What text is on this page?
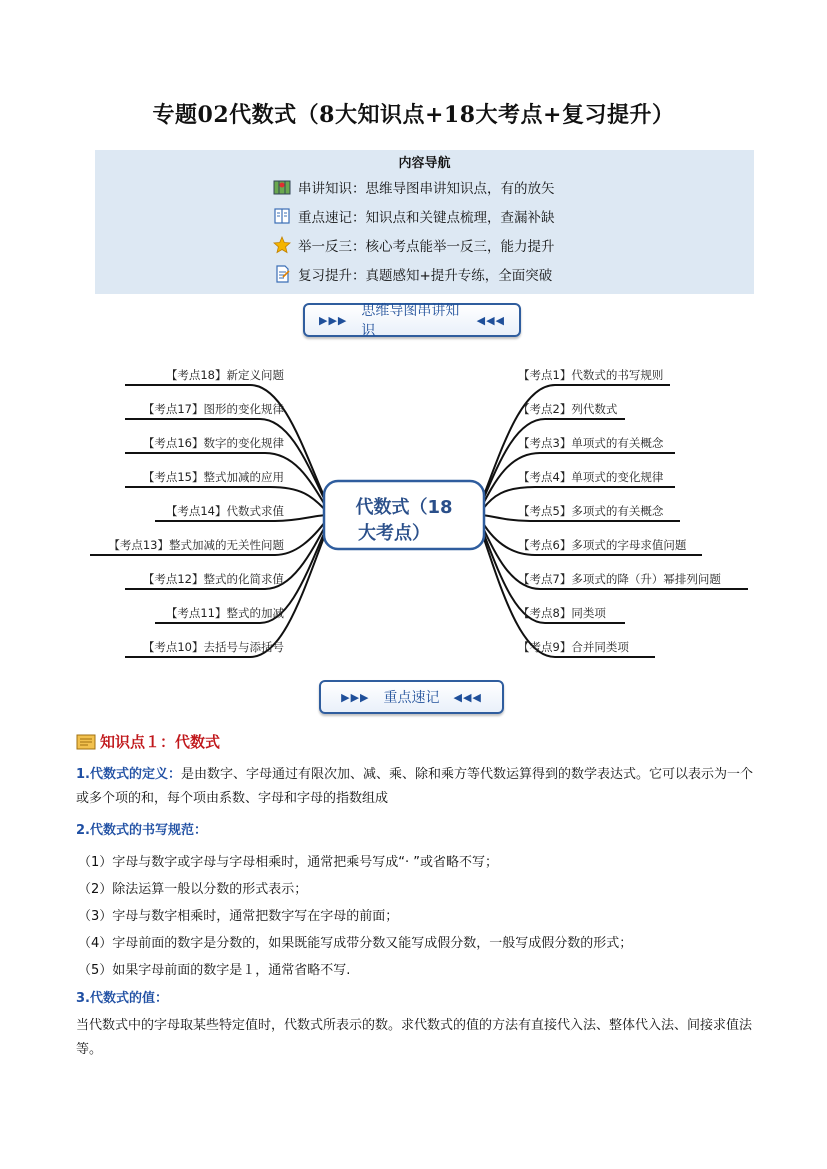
专题02代数式（8大知识点+18大考点+复习提升）
内容导航
串讲知识：思维导图串讲知识点，有的放矢
重点速记：知识点和关键点梳理，查漏补缺
举一反三：核心考点能举一反三，能力提升
复习提升：真题感知+提升专练，全面突破
▶▶▶
思维导图串讲知识
◀◀◀
代数式（18
大考点）
【考点18】新定义问题
【考点17】图形的变化规律
【考点16】数字的变化规律
【考点15】整式加减的应用
【考点14】代数式求值
【考点13】整式加减的无关性问题
【考点12】整式的化简求值
【考点11】整式的加减
【考点10】去括号与添括号
【考点1】代数式的书写规则
【考点2】列代数式
【考点3】单项式的有关概念
【考点4】单项式的变化规律
【考点5】多项式的有关概念
【考点6】多项式的字母求值问题
【考点7】多项式的降（升）幂排列问题
【考点8】同类项
【考点9】合并同类项
▶▶▶ 重点速记 ◀◀◀
知识点１：代数式
1.代数式的定义：是由数字、字母通过有限次加、减、乘、除和乘方等代数运算得到的数学表达式。它可以表示为一个或多个项的和，每个项由系数、字母和字母的指数组成
2.代数式的书写规范：
（1）字母与数字或字母与字母相乘时，通常把乘号写成“· ”或省略不写；
（2）除法运算一般以分数的形式表示；
（3）字母与数字相乘时，通常把数字写在字母的前面；
（4）字母前面的数字是分数的，如果既能写成带分数又能写成假分数，一般写成假分数的形式；
（5）如果字母前面的数字是１，通常省略不写.
3.代数式的值：
当代数式中的字母取某些特定值时，代数式所表示的数。求代数式的值的方法有直接代入法、整体代入法、间接求值法等。
